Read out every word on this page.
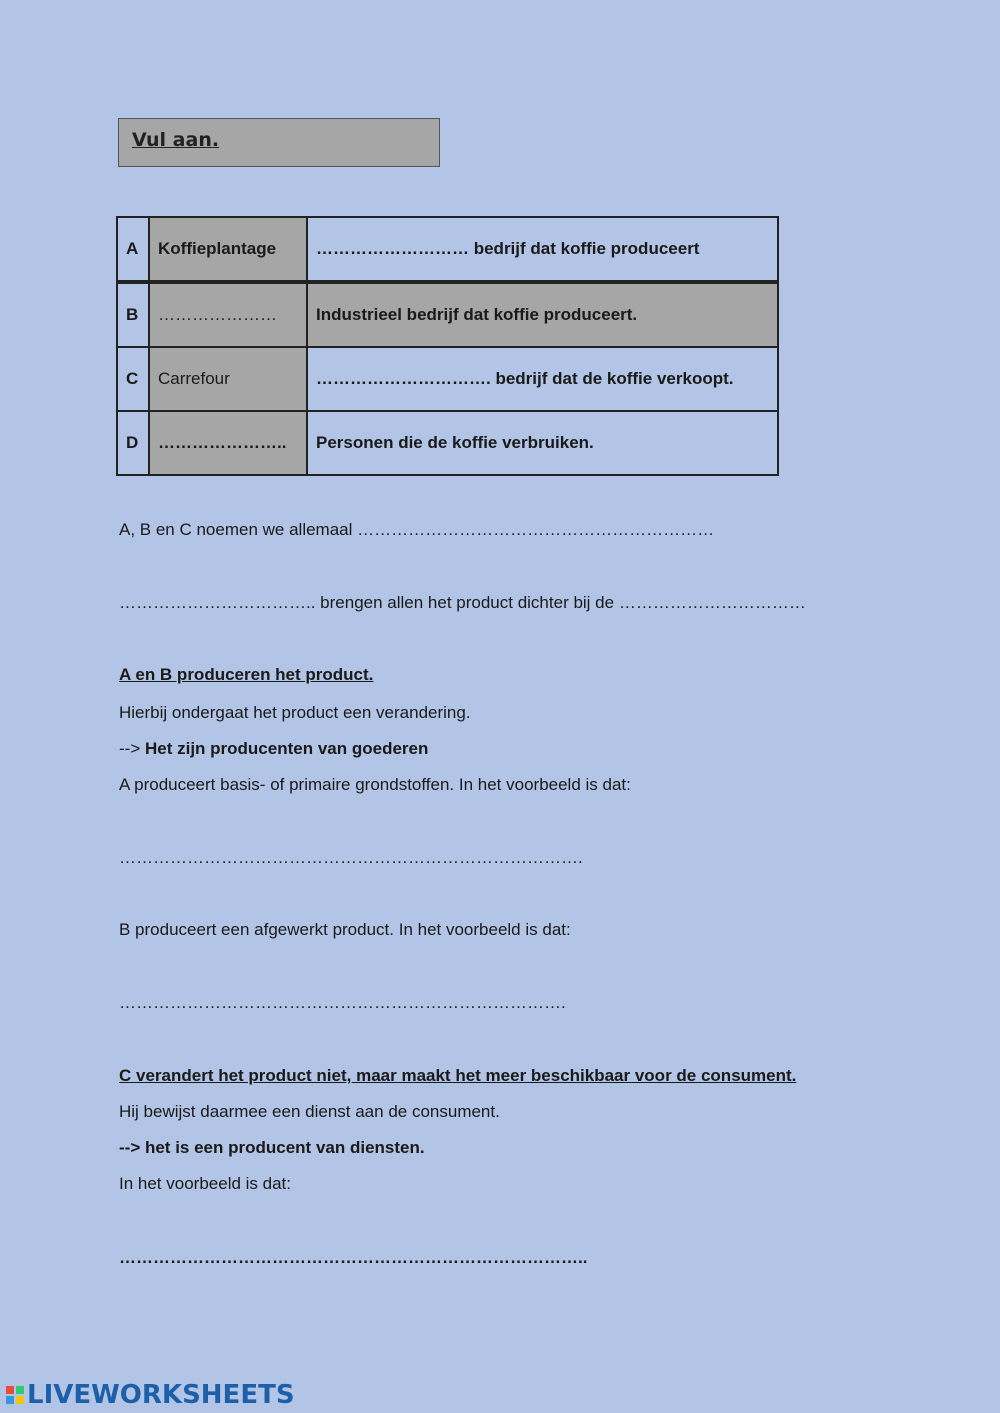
Vul aan.
A	Koffieplantage	……………………… bedrijf dat koffie produceert
B	…………………	Industrieel bedrijf dat koffie produceert.
C	Carrefour	…………………………. bedrijf dat de koffie verkoopt.
D	…………………..	Personen die de koffie verbruiken.
A, B en C noemen we allemaal ………………………………………………………
…………………………….. brengen allen het product dichter bij de ……………………………
A en B produceren het product.
Hierbij ondergaat het product een verandering.
--> Het zijn producenten van goederen
A produceert basis- of primaire grondstoffen. In het voorbeeld is dat:
……………………………………………………………………….
B produceert een afgewerkt product. In het voorbeeld is dat:
…………………………………………………………………….
C verandert het product niet, maar maakt het meer beschikbaar voor de consument.
Hij bewijst daarmee een dienst aan de consument.
--> het is een producent van diensten.
In het voorbeeld is dat:
………………………………………………………………………..
LIVEWORKSHEETS
